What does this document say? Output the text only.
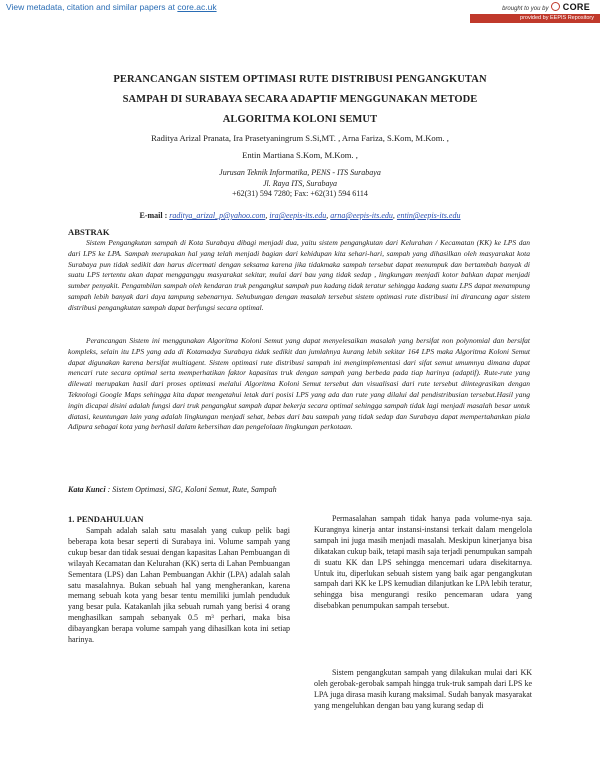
View metadata, citation and similar papers at core.ac.uk	brought to you by CORE
provided by EEPIS Repository
PERANCANGAN SISTEM OPTIMASI RUTE DISTRIBUSI PENGANGKUTAN
SAMPAH DI SURABAYA SECARA ADAPTIF MENGGUNAKAN METODE
ALGORITMA KOLONI SEMUT
Raditya Arizal Pranata, Ira Prasetyaningrum S.Si,MT. , Arna Fariza, S.Kom, M.Kom. ,
Entin Martiana S.Kom, M.Kom. ,
Jurusan Teknik Informatika, PENS - ITS Surabaya
Jl. Raya ITS, Surabaya
+62(31) 594 7280; Fax: +62(31) 594 6114
E-mail : raditya_arizal_p@yahoo.com, ira@eepis-its.edu, arna@eepis-its.edu, entin@eepis-its.edu
ABSTRAK

Sistem Pengangkutan sampah di Kota Surabaya dibagi menjadi dua, yaitu sistem pengangkutan dari Kelurahan / Kecamatan (KK) ke LPS dan dari LPS ke LPA. Sampah merupakan hal yang telah menjadi bagian dari kehidupan kita sehari-hari, sampah yang dihasilkan oleh masyarakat kota Surabaya pun tidak sedikit dan harus dicermati dengan seksama karena jika tidakmaka sampah tersebut dapat menumpuk dan bertambah banyak di suatu LPS tertentu akan dapat mengganggu masyarakat sekitar, mulai dari bau yang tidak sedap , lingkungan menjadi kotor bahkan dapat menjadi sumber penyakit. Pengambilan sampah oleh kendaran truk pengangkut sampah pun kadang tidak teratur sehingga kadang suatu LPS dapat menampung sampah lebih banyak dari daya tampung sebenarnya. Sehubungan dengan masalah tersebut sistem optimasi rute distribusi ini dirancang agar sistem distribusi pengangkutan sampah dapat berfungsi secara optimal.

Perancangan Sistem ini menggunakan Algoritma Koloni Semut yang dapat menyelesaikan masalah yang bersifat non polynomial dan bersifat kompleks, selain itu LPS yang ada di Kotamadya Surabaya tidak sedikit dan jumlahnya kurang lebih sekitar 164 LPS maka Algoritma Koloni Semut dapat digunakan karena bersifat multiagent. Sistem optimasi rute distribusi sampah ini mengimplementasi dari sifat semut umumnya dimana dapat mencari rute secara optimal serta memperhatikan faktor kapasitas truk dengan sampah yang berbeda pada tiap harinya (adaptif). Rute-rute yang dilewati merupakan hasil dari proses optimasi melalui Algoritma Koloni Semut tersebut dan visualisasi dari rute tersebut diintegrasikan dengan Teknologi Google Maps sehingga kita dapat mengetahui letak dari posisi LPS yang ada dan rute yang dilalui dal pendistribusian tersebut.Hasil yang ingin dicapai disini adalah fungsi dari truk pengangkut sampah dapat bekerja secara optimal sehingga sampah tidak lagi menjadi masalah besar untuk diatasi, keuntungan lain yang adalah lingkungan menjadi sehat, bebas dari bau sampah yang tidak sedap dan Surabaya dapat mempertahankan piala Adipura sebagai kota yang berhasil dalam kebersihan dan pengelolaan lingkungan perkotaan.

Kata Kunci : Sistem Optimasi, SIG, Koloni Semut, Rute, Sampah
1. PENDAHULUAN

Sampah adalah salah satu masalah yang cukup pelik bagi beberapa kota besar seperti di Surabaya ini. Volume sampah yang cukup besar dan tidak sesuai dengan kapasitas Lahan Pembuangan di wilayah Kecamatan dan Kelurahan (KK) serta di Lahan Pembuangan Sementara (LPS) dan Lahan Pembuangan Akhir (LPA) adalah salah satu masalahnya. Bukan sebuah hal yang mengherankan, karena memang sebuah kota yang besar tentu memiliki jumlah penduduk yang besar pula. Katakanlah jika sebuah rumah yang berisi 4 orang menghasilkan sampah sebanyak 0.5 m³ perhari, maka bisa dibayangkan berapa volume sampah yang dihasilkan kota ini setiap harinya.

Permasalahan sampah tidak hanya pada volume-nya saja. Kurangnya kinerja antar instansi-instansi terkait dalam mengelola sampah ini juga masih menjadi masalah. Meskipun kinerjanya bisa dikatakan cukup baik, tetapi masih saja terjadi penumpukan sampah di suatu KK dan LPS sehingga mencemari udara disekitarnya. Untuk itu, diperlukan sebuah sistem yang baik agar pengangkutan sampah dari KK ke LPS kemudian dilanjutkan ke LPA lebih teratur, sehingga bisa mengurangi resiko pencemaran udara yang disebabkan penumpukan sampah tersebut.

Sistem pengangkutan sampah yang dilakukan mulai dari KK oleh gerobak-gerobak sampah hingga truk-truk sampah dari LPS ke LPA juga dirasa masih kurang maksimal. Sudah banyak masyarakat yang mengeluhkan dengan bau yang kurang sedap di
